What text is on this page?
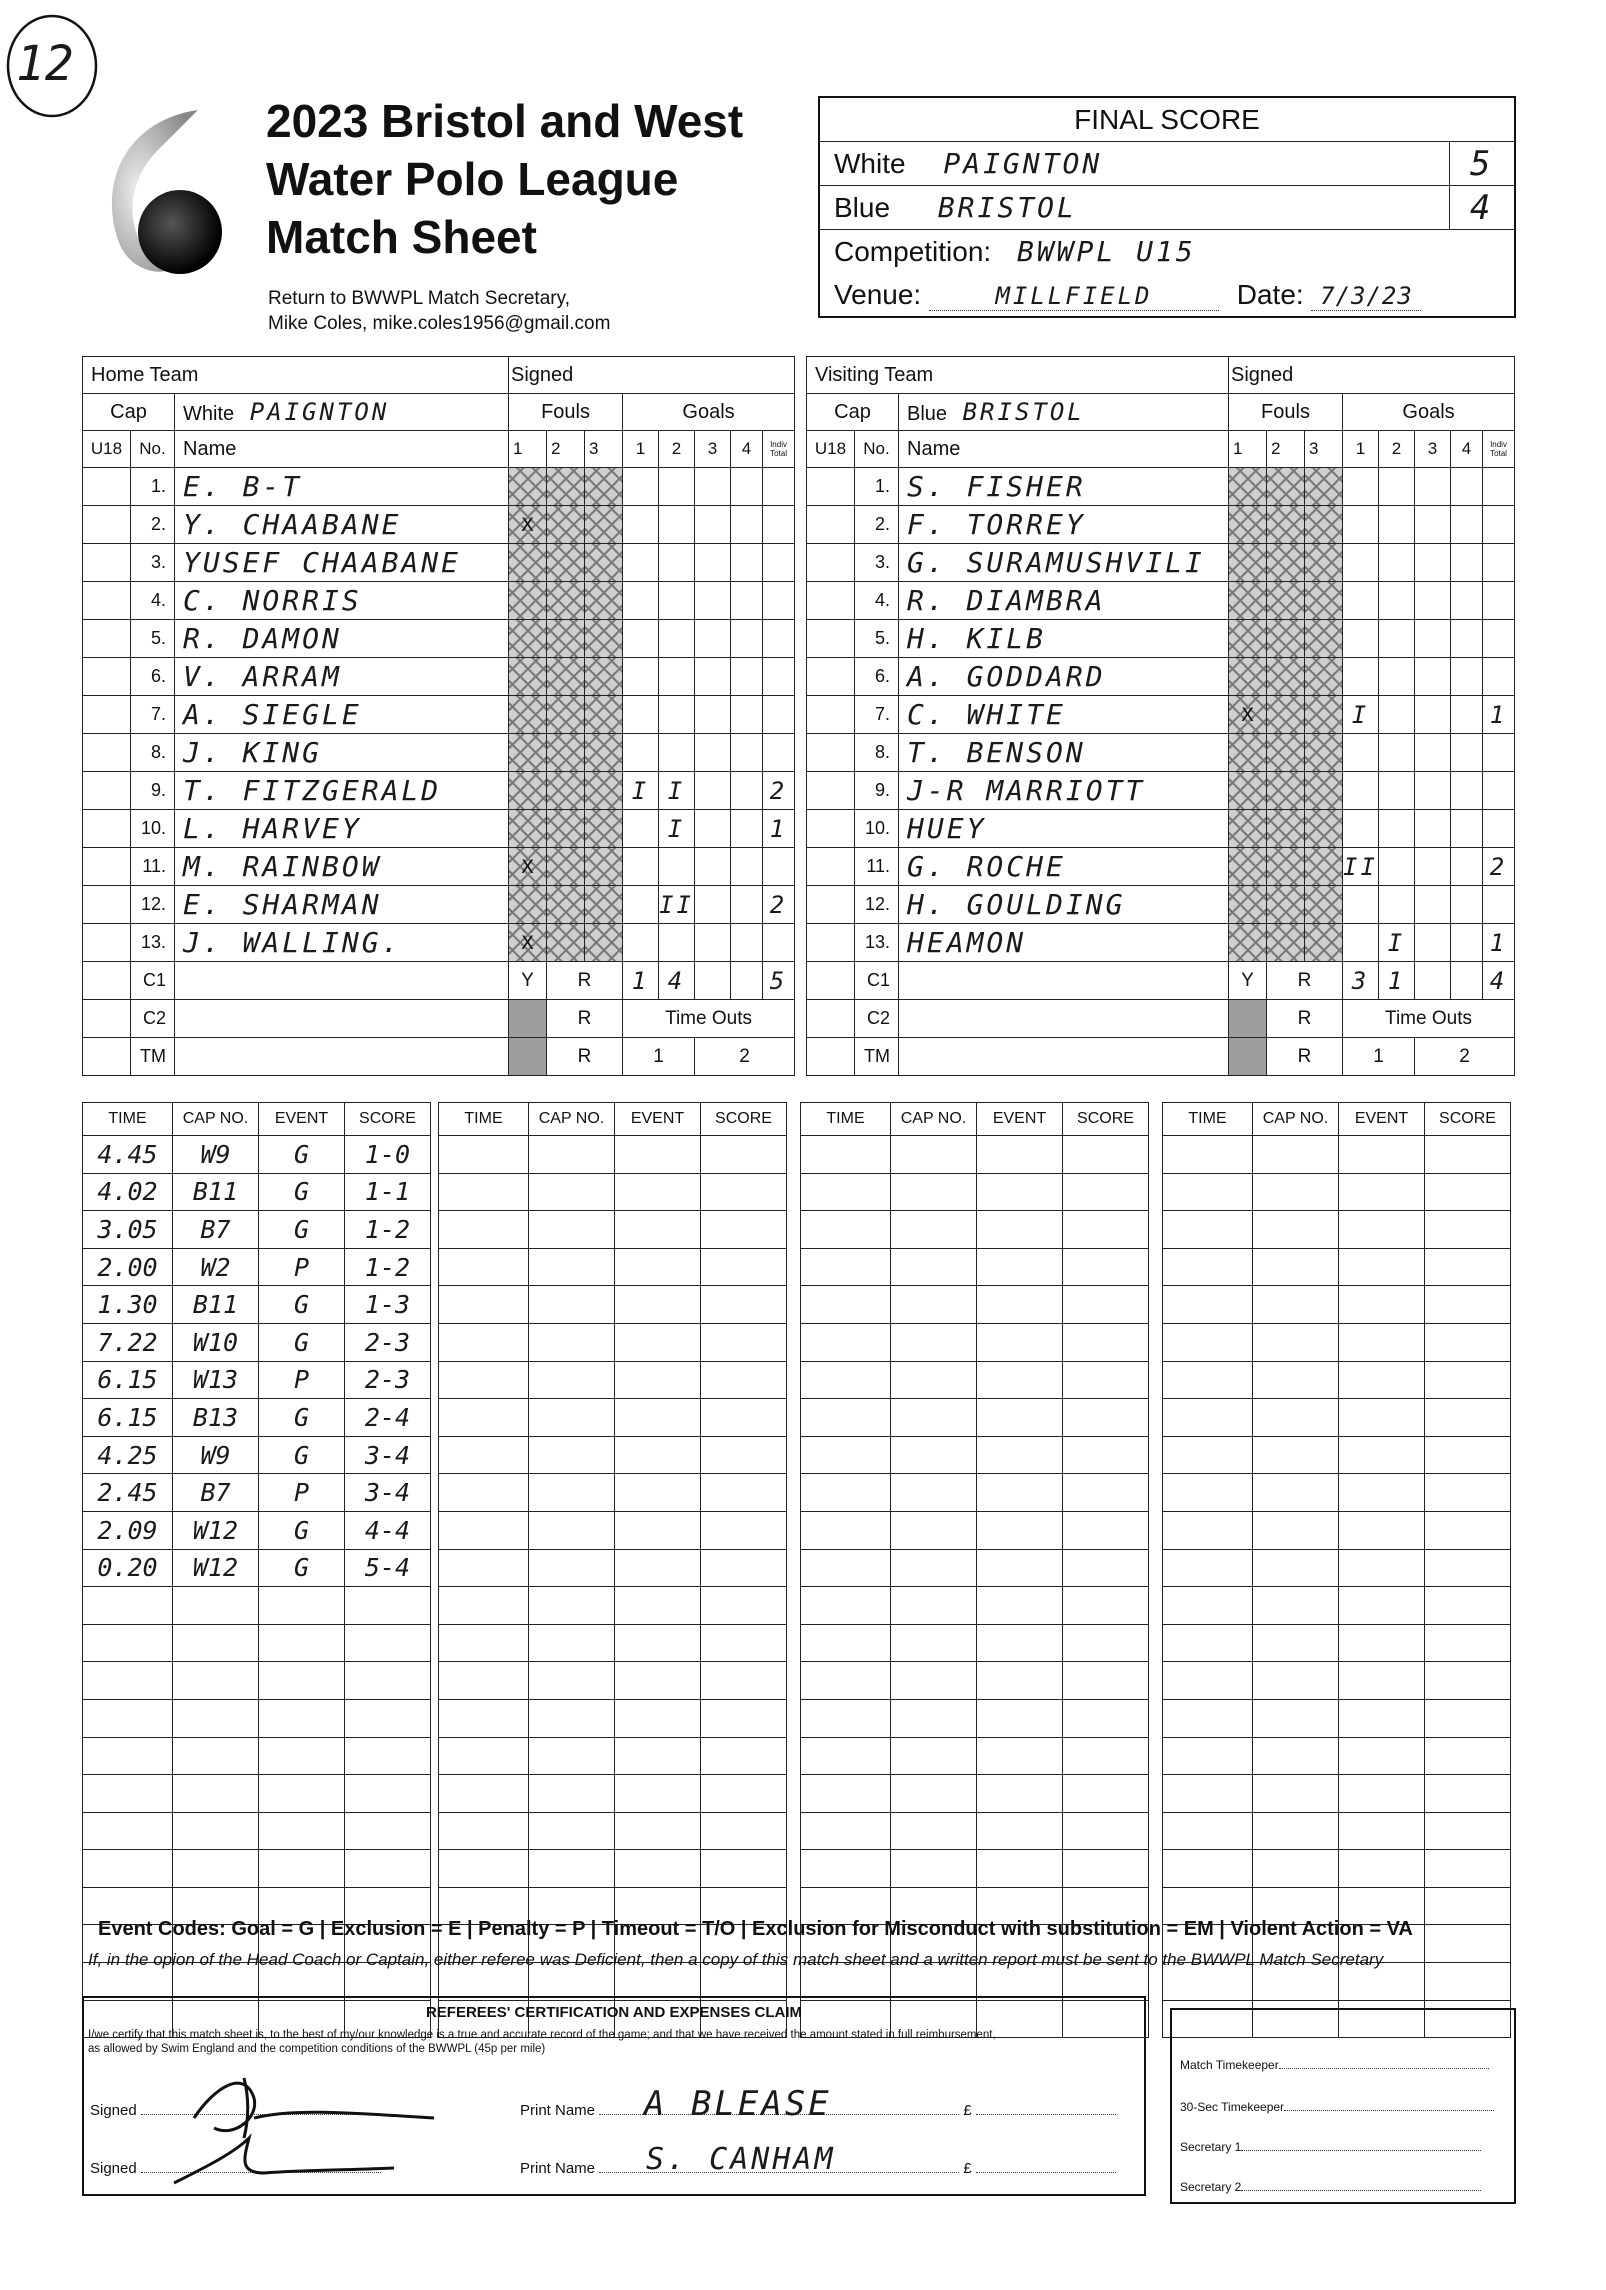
12
2023 Bristol and West
Water Polo League
Match Sheet
Return to BWWPL Match Secretary,
Mike Coles, mike.coles1956@gmail.com
FINAL SCORE	
White PAIGNTON	5
Blue BRISTOL	4
Competition: BWWPL U15	
Venue: MILLFIELD Date: 7/3/23	
Home Team			Signed							
Cap		White PAIGNTON	Fouls			Goals				
U18	No.	Name	1	2	3	1	2	3	4	Indiv Total
	1.	E. B-T								
	2.	Y. CHAABANE	X							
	3.	YUSEF CHAABANE								
	4.	C. NORRIS								
	5.	R. DAMON								
	6.	V. ARRAM								
	7.	A. SIEGLE								
	8.	J. KING								
	9.	T. FITZGERALD				I	I			2
	10.	L. HARVEY					I			1
	11.	M. RAINBOW	X							
	12.	E. SHARMAN					II			2
	13.	J. WALLING.	X							
	C1		Y	R		1	4			5
	C2			R		Time Outs				
	TM			R		1		2		
Visiting Team			Signed							
Cap		Blue BRISTOL	Fouls			Goals				
U18	No.	Name	1	2	3	1	2	3	4	Indiv Total
	1.	S. FISHER								
	2.	F. TORREY								
	3.	G. SURAMUSHVILI								
	4.	R. DIAMBRA								
	5.	H. KILB								
	6.	A. GODDARD								
	7.	C. WHITE	X			I				1
	8.	T. BENSON								
	9.	J-R MARRIOTT								
	10.	HUEY								
	11.	G. ROCHE				II				2
	12.	H. GOULDING								
	13.	HEAMON					I			1
	C1		Y	R		3	1			4
	C2			R		Time Outs				
	TM			R		1		2		
TIME	CAP NO.	EVENT	SCORE
4.45	W9	G	1-0
4.02	B11	G	1-1
3.05	B7	G	1-2
2.00	W2	P	1-2
1.30	B11	G	1-3
7.22	W10	G	2-3
6.15	W13	P	2-3
6.15	B13	G	2-4
4.25	W9	G	3-4
2.45	B7	P	3-4
2.09	W12	G	4-4
0.20	W12	G	5-4

TIME	CAP NO.	EVENT	SCORE

				TIME	CAP NO.	EVENT	SCORE

				TIME	CAP NO.	EVENT	SCORE

Event Codes: Goal = G | Exclusion = E | Penalty = P | Timeout = T/O | Exclusion for Misconduct with substitution = EM | Violent Action = VA
If, in the opion of the Head Coach or Captain, either referee was Deficient, then a copy of this match sheet and a written report must be sent to the BWWPL Match Secretary
REFEREES' CERTIFICATION AND EXPENSES CLAIM
I/we certify that this match sheet is, to the best of my/our knowledge is a true and accurate record of the game; and that we have received the amount stated in full reimbursement,
as allowed by Swim England and the competition conditions of the BWWPL (45p per mile)
Signed	Print Name	£
A BLEASE
Signed	Print Name	£
S. CANHAM
Match Timekeeper
30-Sec Timekeeper
Secretary 1
Secretary 2
